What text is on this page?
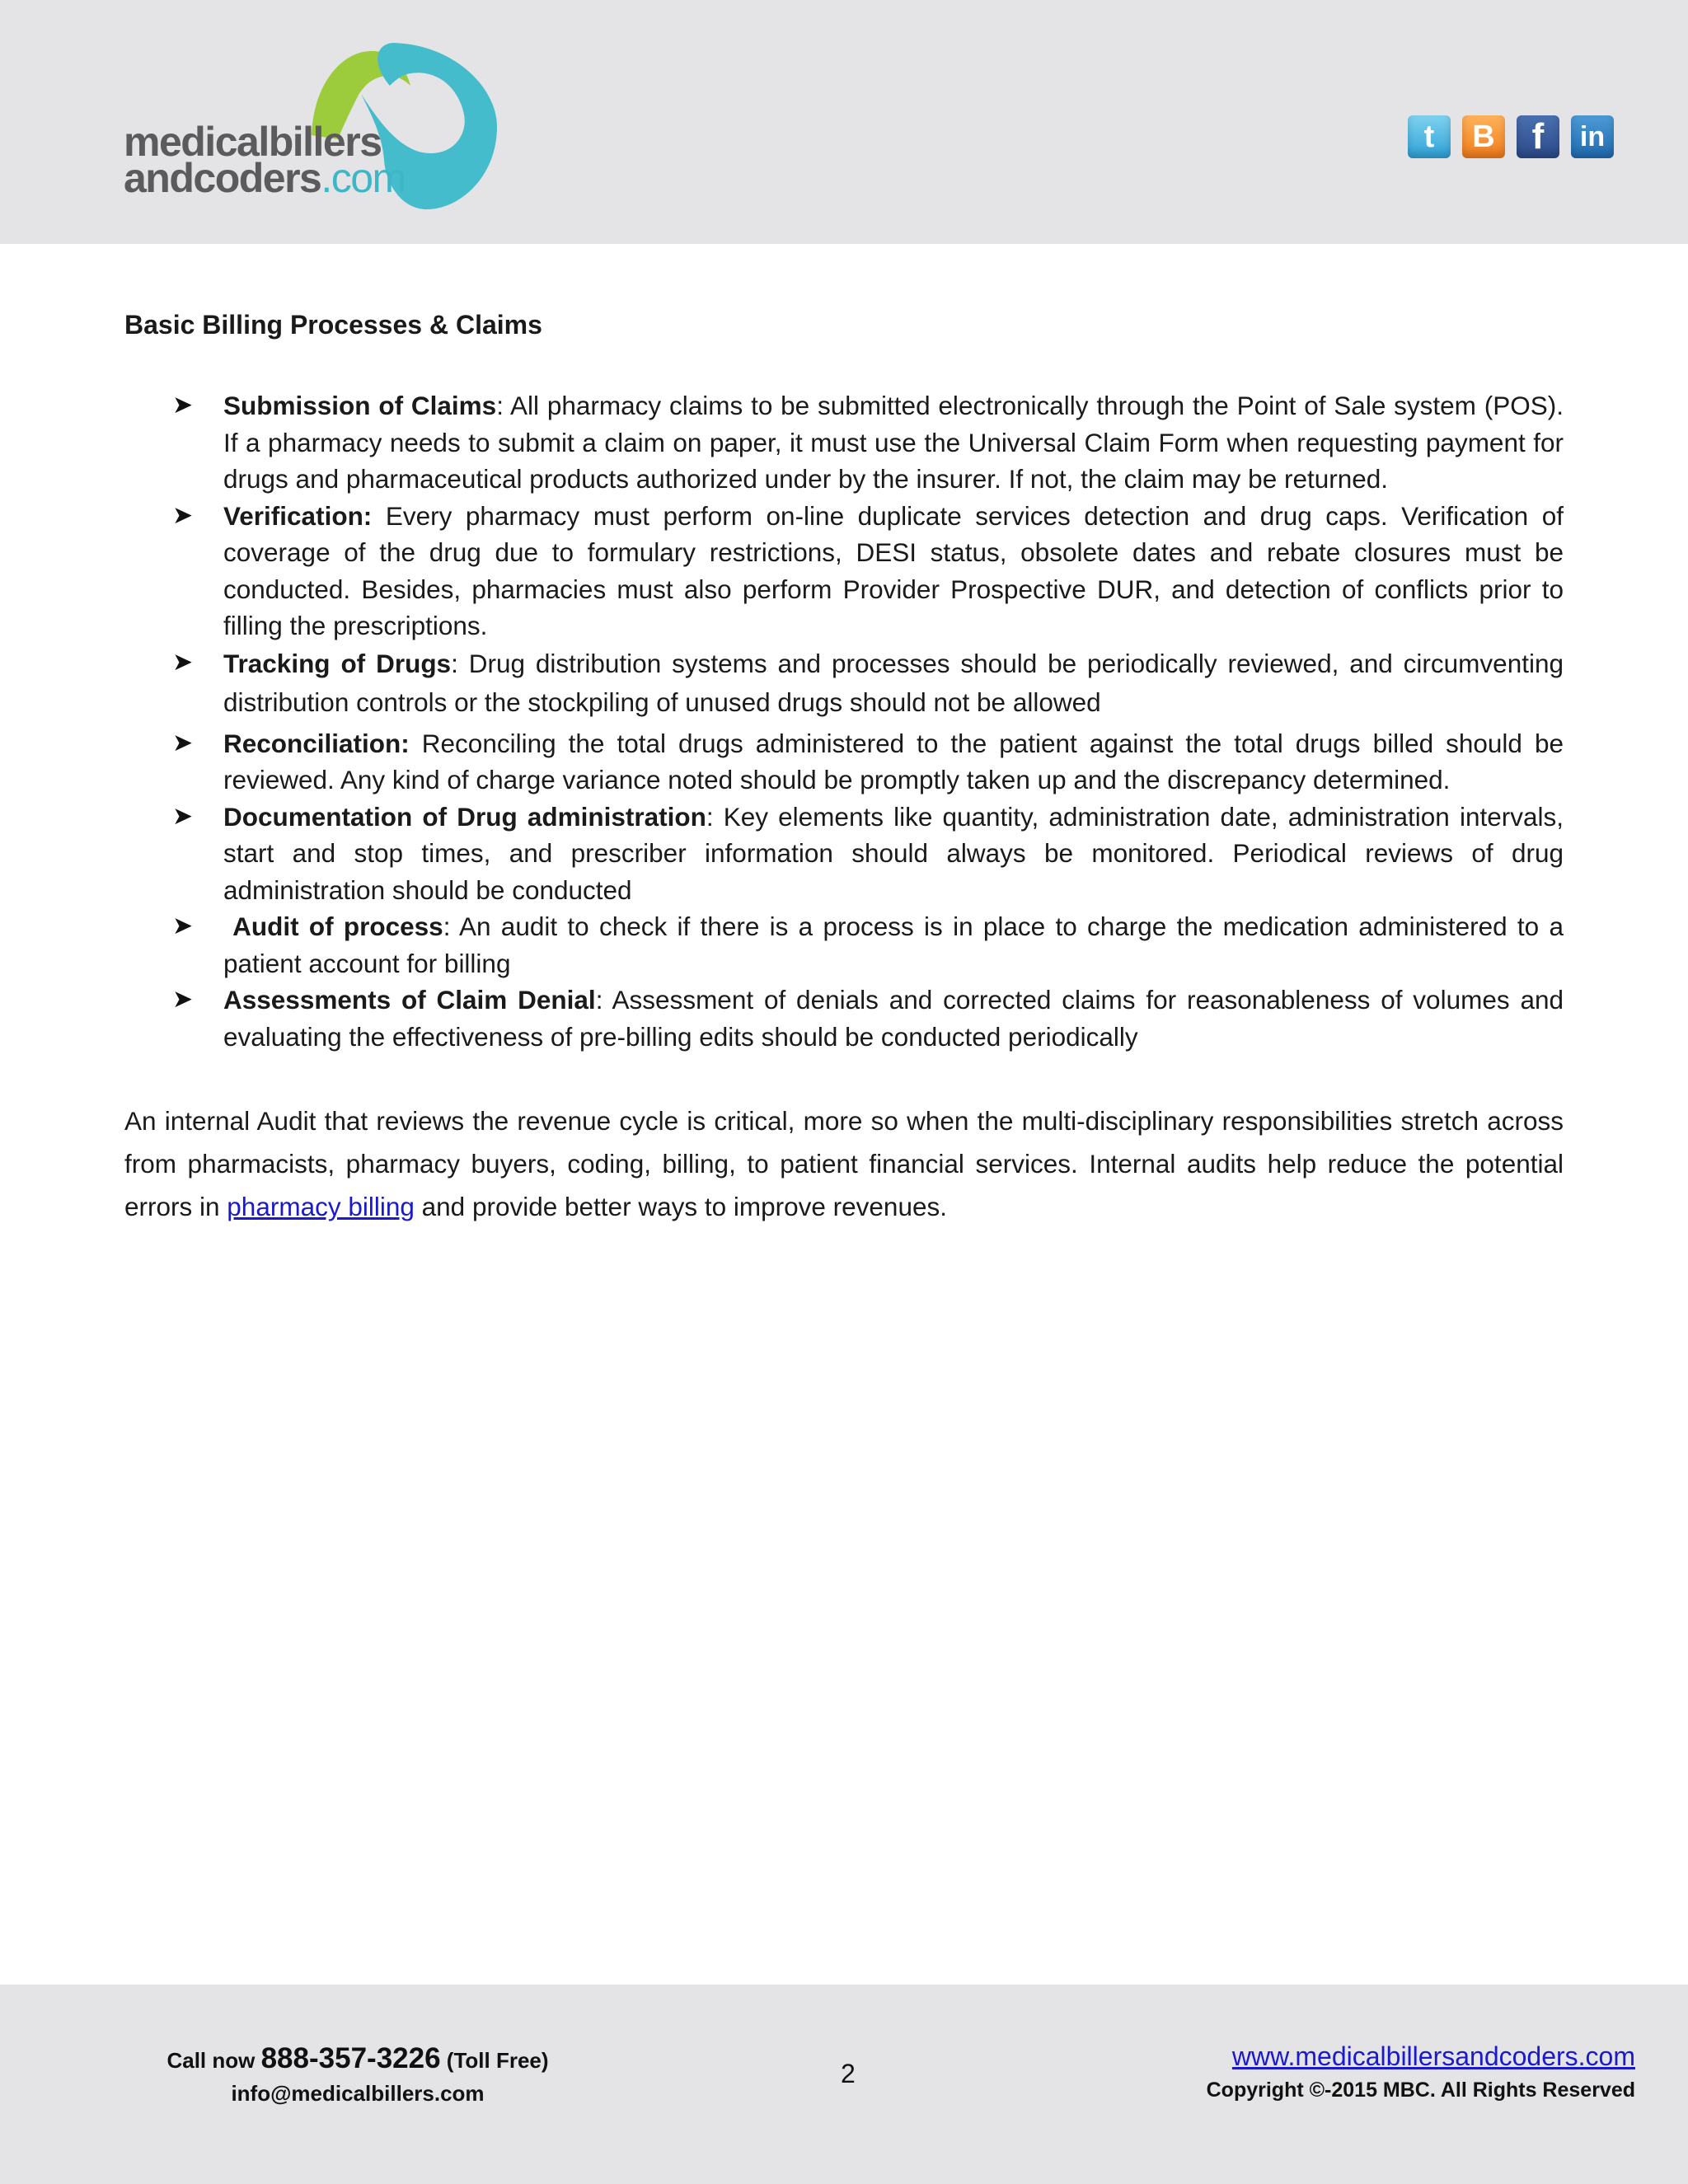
medicalbillers
andcoders.com
t B f in
Basic Billing Processes & Claims
➤ Submission of Claims: All pharmacy claims to be submitted electronically through the Point of Sale system (POS). If a pharmacy needs to submit a claim on paper, it must use the Universal Claim Form when requesting payment for drugs and pharmaceutical products authorized under by the insurer. If not, the claim may be returned.
➤ Verification: Every pharmacy must perform on-line duplicate services detection and drug caps. Verification of coverage of the drug due to formulary restrictions, DESI status, obsolete dates and rebate closures must be conducted. Besides, pharmacies must also perform Provider Prospective DUR, and detection of conflicts prior to filling the prescriptions.
➤ Tracking of Drugs: Drug distribution systems and processes should be periodically reviewed, and circumventing distribution controls or the stockpiling of unused drugs should not be allowed
➤ Reconciliation: Reconciling the total drugs administered to the patient against the total drugs billed should be reviewed. Any kind of charge variance noted should be promptly taken up and the discrepancy determined.
➤ Documentation of Drug administration: Key elements like quantity, administration date, administration intervals, start and stop times, and prescriber information should always be monitored. Periodical reviews of drug administration should be conducted
➤ Audit of process: An audit to check if there is a process is in place to charge the medication administered to a patient account for billing
➤ Assessments of Claim Denial: Assessment of denials and corrected claims for reasonableness of volumes and evaluating the effectiveness of pre-billing edits should be conducted periodically
An internal Audit that reviews the revenue cycle is critical, more so when the multi-disciplinary responsibilities stretch across from pharmacists, pharmacy buyers, coding, billing, to patient financial services. Internal audits help reduce the potential errors in pharmacy billing and provide better ways to improve revenues.
Call now 888-357-3226 (Toll Free)
info@medicalbillers.com
2
www.medicalbillersandcoders.com
Copyright ©-2015 MBC. All Rights Reserved
